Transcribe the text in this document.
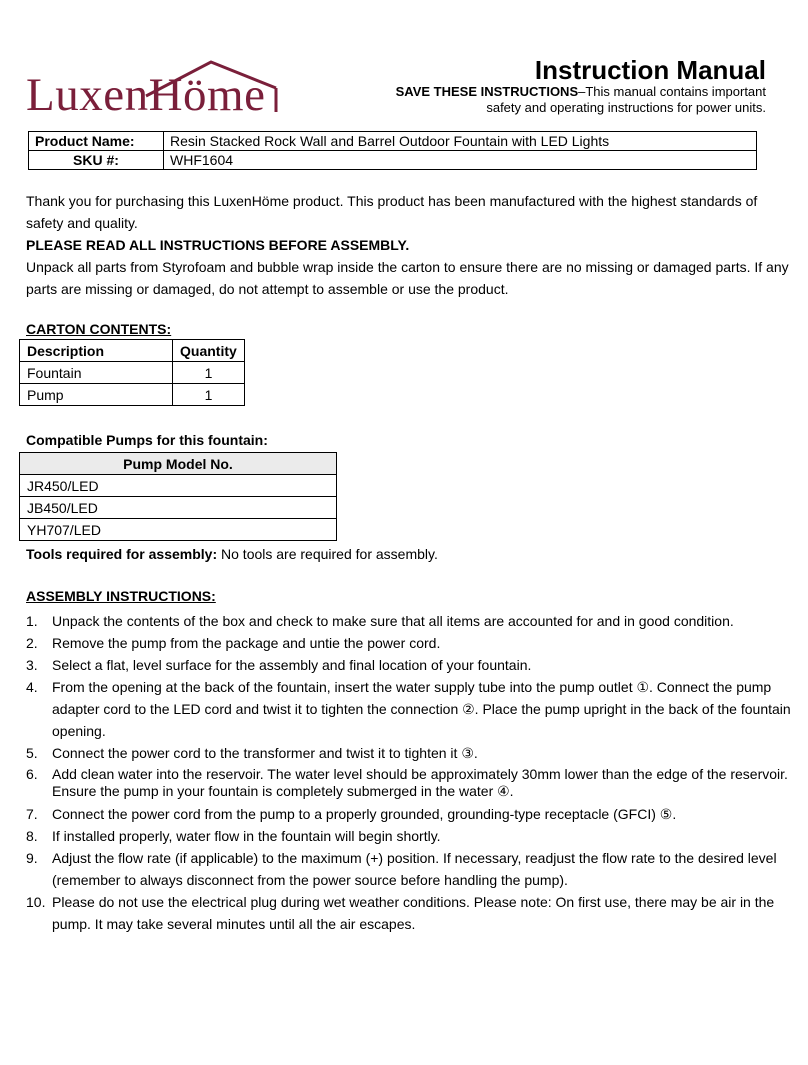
LuxenHöme	Instruction Manual
SAVE THESE INSTRUCTIONS–This manual contains important
safety and operating instructions for power units.
Product Name:	Resin Stacked Rock Wall and Barrel Outdoor Fountain with LED Lights
SKU #:	WHF1604
Thank you for purchasing this LuxenHöme product. This product has been manufactured with the highest standards of safety and quality.
PLEASE READ ALL INSTRUCTIONS BEFORE ASSEMBLY.
Unpack all parts from Styrofoam and bubble wrap inside the carton to ensure there are no missing or damaged parts. If any parts are missing or damaged, do not attempt to assemble or use the product.
CARTON CONTENTS:
Description	Quantity
Fountain	1
Pump	1
Compatible Pumps for this fountain:
Pump Model No.
JR450/LED
JB450/LED
YH707/LED
Tools required for assembly: No tools are required for assembly.
ASSEMBLY INSTRUCTIONS:
1. Unpack the contents of the box and check to make sure that all items are accounted for and in good condition.
2. Remove the pump from the package and untie the power cord.
3. Select a flat, level surface for the assembly and final location of your fountain.
4. From the opening at the back of the fountain, insert the water supply tube into the pump outlet ①. Connect the pump adapter cord to the LED cord and twist it to tighten the connection ②. Place the pump upright in the back of the fountain opening.
5. Connect the power cord to the transformer and twist it to tighten it ③.
6. Add clean water into the reservoir. The water level should be approximately 30mm lower than the edge of the reservoir. Ensure the pump in your fountain is completely submerged in the water ④.
7. Connect the power cord from the pump to a properly grounded, grounding-type receptacle (GFCI) ⑤.
8. If installed properly, water flow in the fountain will begin shortly.
9. Adjust the flow rate (if applicable) to the maximum (+) position. If necessary, readjust the flow rate to the desired level (remember to always disconnect from the power source before handling the pump).
10. Please do not use the electrical plug during wet weather conditions. Please note: On first use, there may be air in the pump. It may take several minutes until all the air escapes.
